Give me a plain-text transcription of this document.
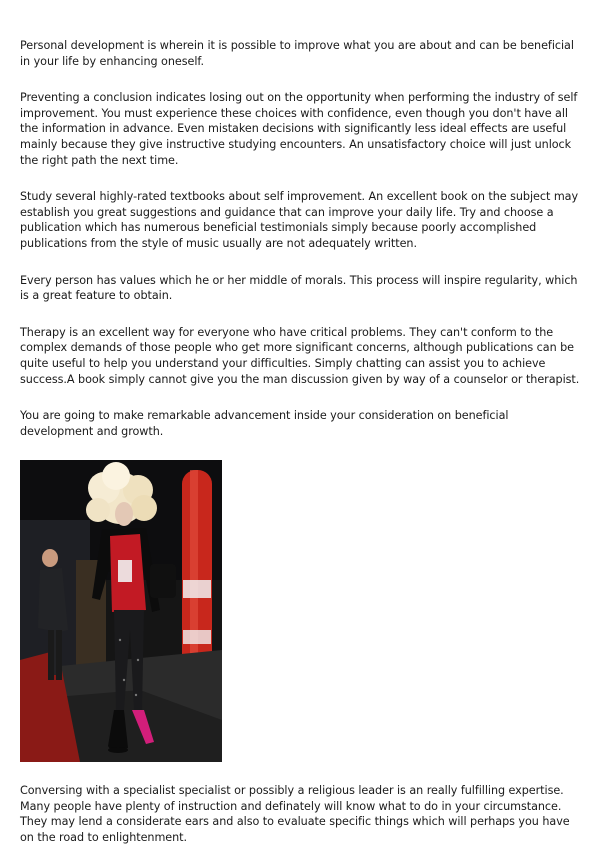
Personal development is wherein it is possible to improve what you are about and can be beneficial in your life by enhancing oneself.

Preventing a conclusion indicates losing out on the opportunity when performing the industry of self improvement. You must experience these choices with confidence, even though you don't have all the information in advance. Even mistaken decisions with significantly less ideal effects are useful mainly because they give instructive studying encounters. An unsatisfactory choice will just unlock the right path the next time.

Study several highly-rated textbooks about self improvement. An excellent book on the subject may establish you great suggestions and guidance that can improve your daily life. Try and choose a publication which has numerous beneficial testimonials simply because poorly accomplished publications from the style of music usually are not adequately written.

Every person has values which he or her middle of morals. This process will inspire regularity, which is a great feature to obtain.

Therapy is an excellent way for everyone who have critical problems. They can't conform to the complex demands of those people who get more significant concerns, although publications can be quite useful to help you understand your difficulties. Simply chatting can assist you to achieve success.A book simply cannot give you the man discussion given by way of a counselor or therapist.

You are going to make remarkable advancement inside your consideration on beneficial development and growth.

Conversing with a specialist specialist or possibly a religious leader is an really fulfilling expertise. Many people have plenty of instruction and definately will know what to do in your circumstance. They may lend a considerate ears and also to evaluate specific things which will perhaps you have on the road to enlightenment.
